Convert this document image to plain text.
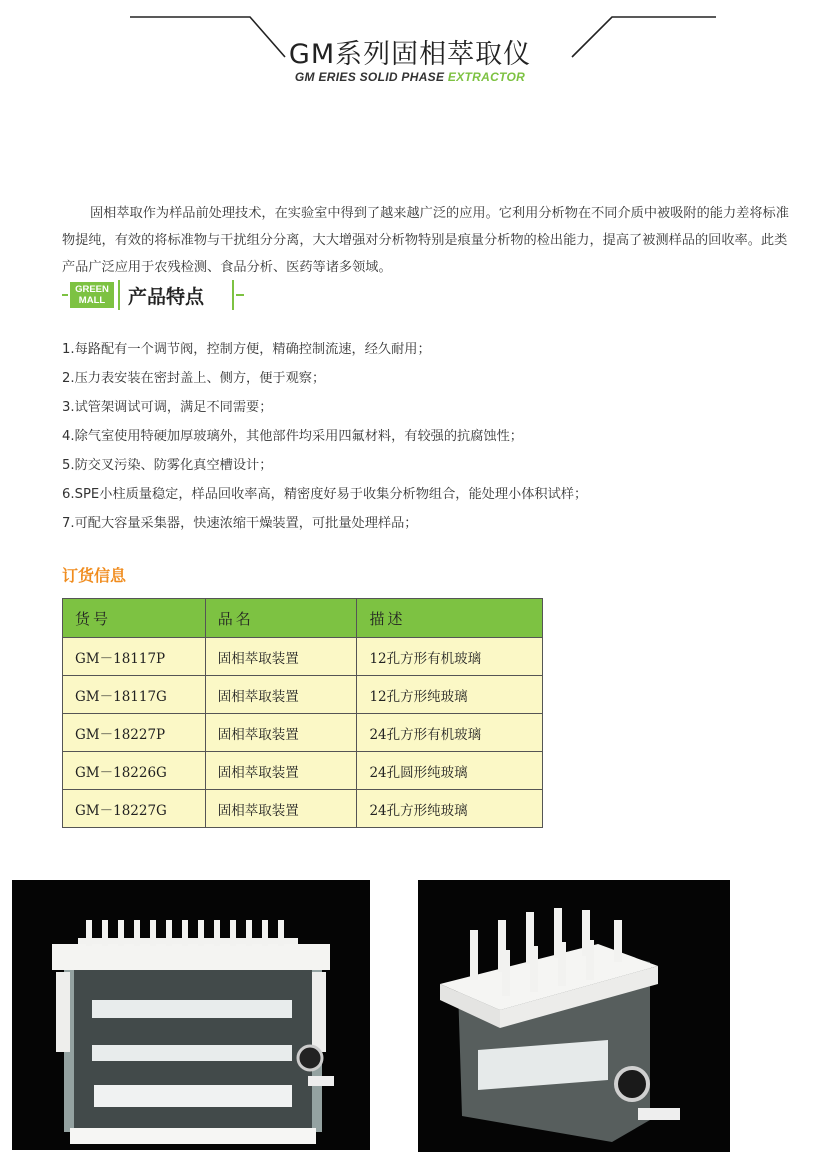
GM系列固相萃取仪
GM ERIES SOLID PHASE EXTRACTOR

固相萃取作为样品前处理技术，在实验室中得到了越来越广泛的应用。它利用分析物在不同介质中被吸附的能力差将标准物提纯，有效的将标准物与干扰组分分离，大大增强对分析物特别是痕量分析物的检出能力，提高了被测样品的回收率。此类产品广泛应用于农残检测、食品分析、医药等诸多领域。

GREEN
MALL	产品特点
1.每路配有一个调节阀，控制方便，精确控制流速，经久耐用；
2.压力表安装在密封盖上、侧方，便于观察；
3.试管架调试可调，满足不同需要；
4.除气室使用特硬加厚玻璃外，其他部件均采用四氟材料，有较强的抗腐蚀性；
5.防交叉污染、防雾化真空槽设计；
6.SPE小柱质量稳定，样品回收率高，精密度好易于收集分析物组合，能处理小体积试样；
7.可配大容量采集器，快速浓缩干燥装置，可批量处理样品；
订货信息
货号	品名	描述
GM－18117P	固相萃取装置	12孔方形有机玻璃
GM－18117G	固相萃取装置	12孔方形纯玻璃
GM－18227P	固相萃取装置	24孔方形有机玻璃
GM－18226G	固相萃取装置	24孔圆形纯玻璃
GM－18227G	固相萃取装置	24孔方形纯玻璃
